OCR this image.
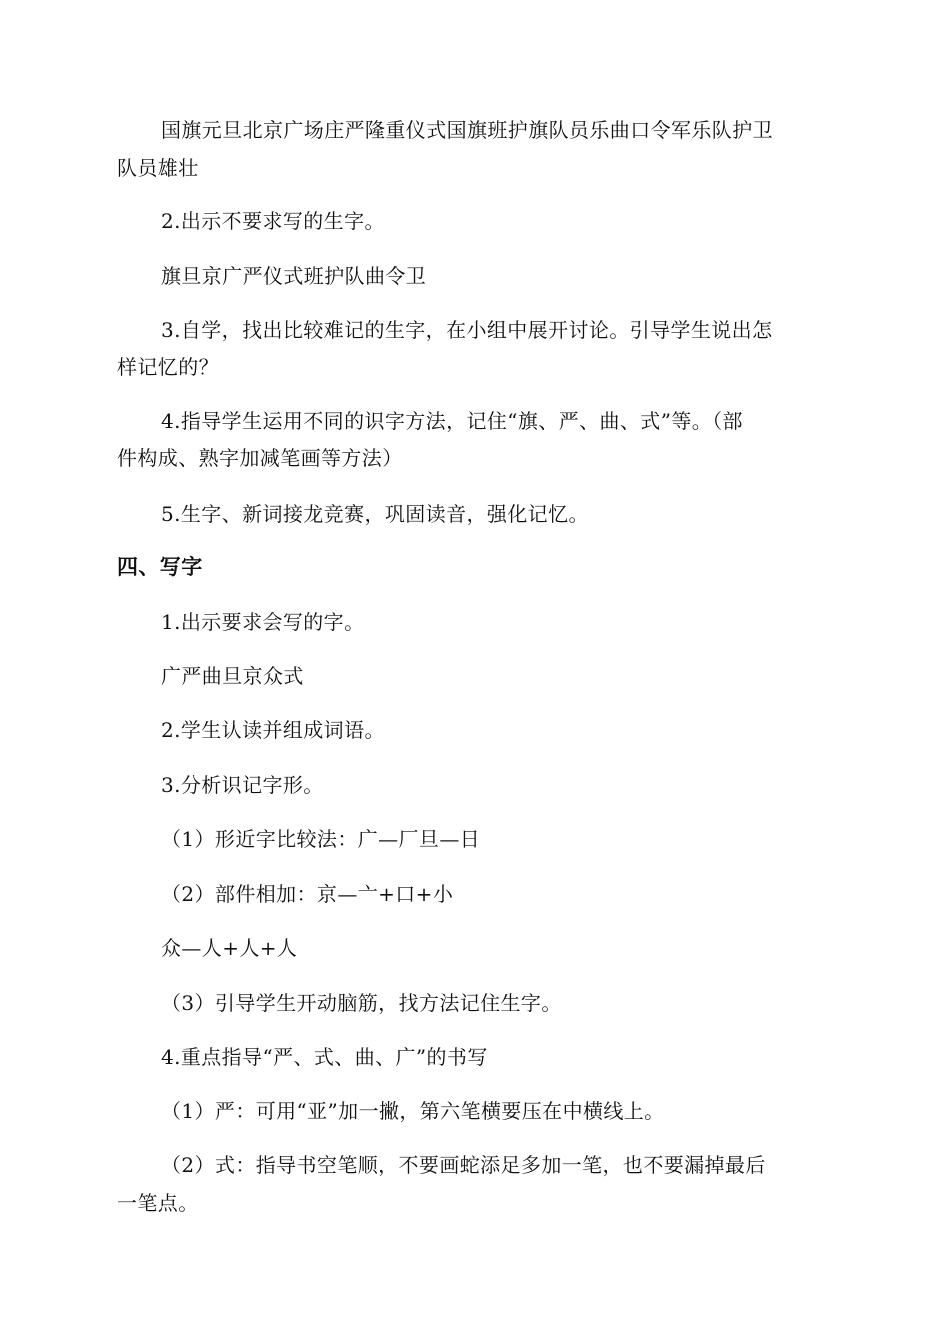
国旗元旦北京广场庄严隆重仪式国旗班护旗队员乐曲口令军乐队护卫
队员雄壮
2.出示不要求写的生字。
旗旦京广严仪式班护队曲令卫
3.自学，找出比较难记的生字，在小组中展开讨论。引导学生说出怎
样记忆的？
4.指导学生运用不同的识字方法，记住“旗、严、曲、式”等。（部
件构成、熟字加减笔画等方法）
5.生字、新词接龙竞赛，巩固读音，强化记忆。
四、写字
1.出示要求会写的字。
广严曲旦京众式
2.学生认读并组成词语。
3.分析识记字形。
（1）形近字比较法：广—厂旦—日
（2）部件相加：京—亠+口+小
众—人+人+人
（3）引导学生开动脑筋，找方法记住生字。
4.重点指导“严、式、曲、广”的书写
（1）严：可用“亚”加一撇，第六笔横要压在中横线上。
（2）式：指导书空笔顺，不要画蛇添足多加一笔，也不要漏掉最后
一笔点。
